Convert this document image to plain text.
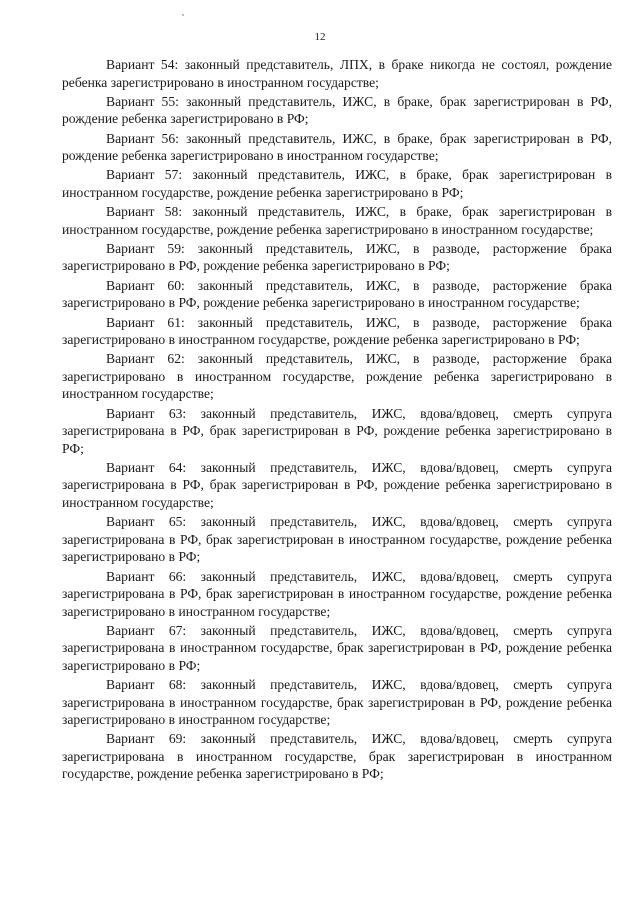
12

Вариант 54: законный представитель, ЛПХ, в браке никогда не состоял, рождение ребенка зарегистрировано в иностранном государстве;

Вариант 55: законный представитель, ИЖС, в браке, брак зарегистрирован в РФ, рождение ребенка зарегистрировано в РФ;

Вариант 56: законный представитель, ИЖС, в браке, брак зарегистрирован в РФ, рождение ребенка зарегистрировано в иностранном государстве;

Вариант 57: законный представитель, ИЖС, в браке, брак зарегистрирован в иностранном государстве, рождение ребенка зарегистрировано в РФ;

Вариант 58: законный представитель, ИЖС, в браке, брак зарегистрирован в иностранном государстве, рождение ребенка зарегистрировано в иностранном государстве;

Вариант 59: законный представитель, ИЖС, в разводе, расторжение брака зарегистрировано в РФ, рождение ребенка зарегистрировано в РФ;

Вариант 60: законный представитель, ИЖС, в разводе, расторжение брака зарегистрировано в РФ, рождение ребенка зарегистрировано в иностранном государстве;

Вариант 61: законный представитель, ИЖС, в разводе, расторжение брака зарегистрировано в иностранном государстве, рождение ребенка зарегистрировано в РФ;

Вариант 62: законный представитель, ИЖС, в разводе, расторжение брака зарегистрировано в иностранном государстве, рождение ребенка зарегистрировано в иностранном государстве;

Вариант 63: законный представитель, ИЖС, вдова/вдовец, смерть супруга зарегистрирована в РФ, брак зарегистрирован в РФ, рождение ребенка зарегистрировано в РФ;

Вариант 64: законный представитель, ИЖС, вдова/вдовец, смерть супруга зарегистрирована в РФ, брак зарегистрирован в РФ, рождение ребенка зарегистрировано в иностранном государстве;

Вариант 65: законный представитель, ИЖС, вдова/вдовец, смерть супруга зарегистрирована в РФ, брак зарегистрирован в иностранном государстве, рождение ребенка зарегистрировано в РФ;

Вариант 66: законный представитель, ИЖС, вдова/вдовец, смерть супруга зарегистрирована в РФ, брак зарегистрирован в иностранном государстве, рождение ребенка зарегистрировано в иностранном государстве;

Вариант 67: законный представитель, ИЖС, вдова/вдовец, смерть супруга зарегистрирована в иностранном государстве, брак зарегистрирован в РФ, рождение ребенка зарегистрировано в РФ;

Вариант 68: законный представитель, ИЖС, вдова/вдовец, смерть супруга зарегистрирована в иностранном государстве, брак зарегистрирован в РФ, рождение ребенка зарегистрировано в иностранном государстве;

Вариант 69: законный представитель, ИЖС, вдова/вдовец, смерть супруга зарегистрирована в иностранном государстве, брак зарегистрирован в иностранном государстве, рождение ребенка зарегистрировано в РФ;
